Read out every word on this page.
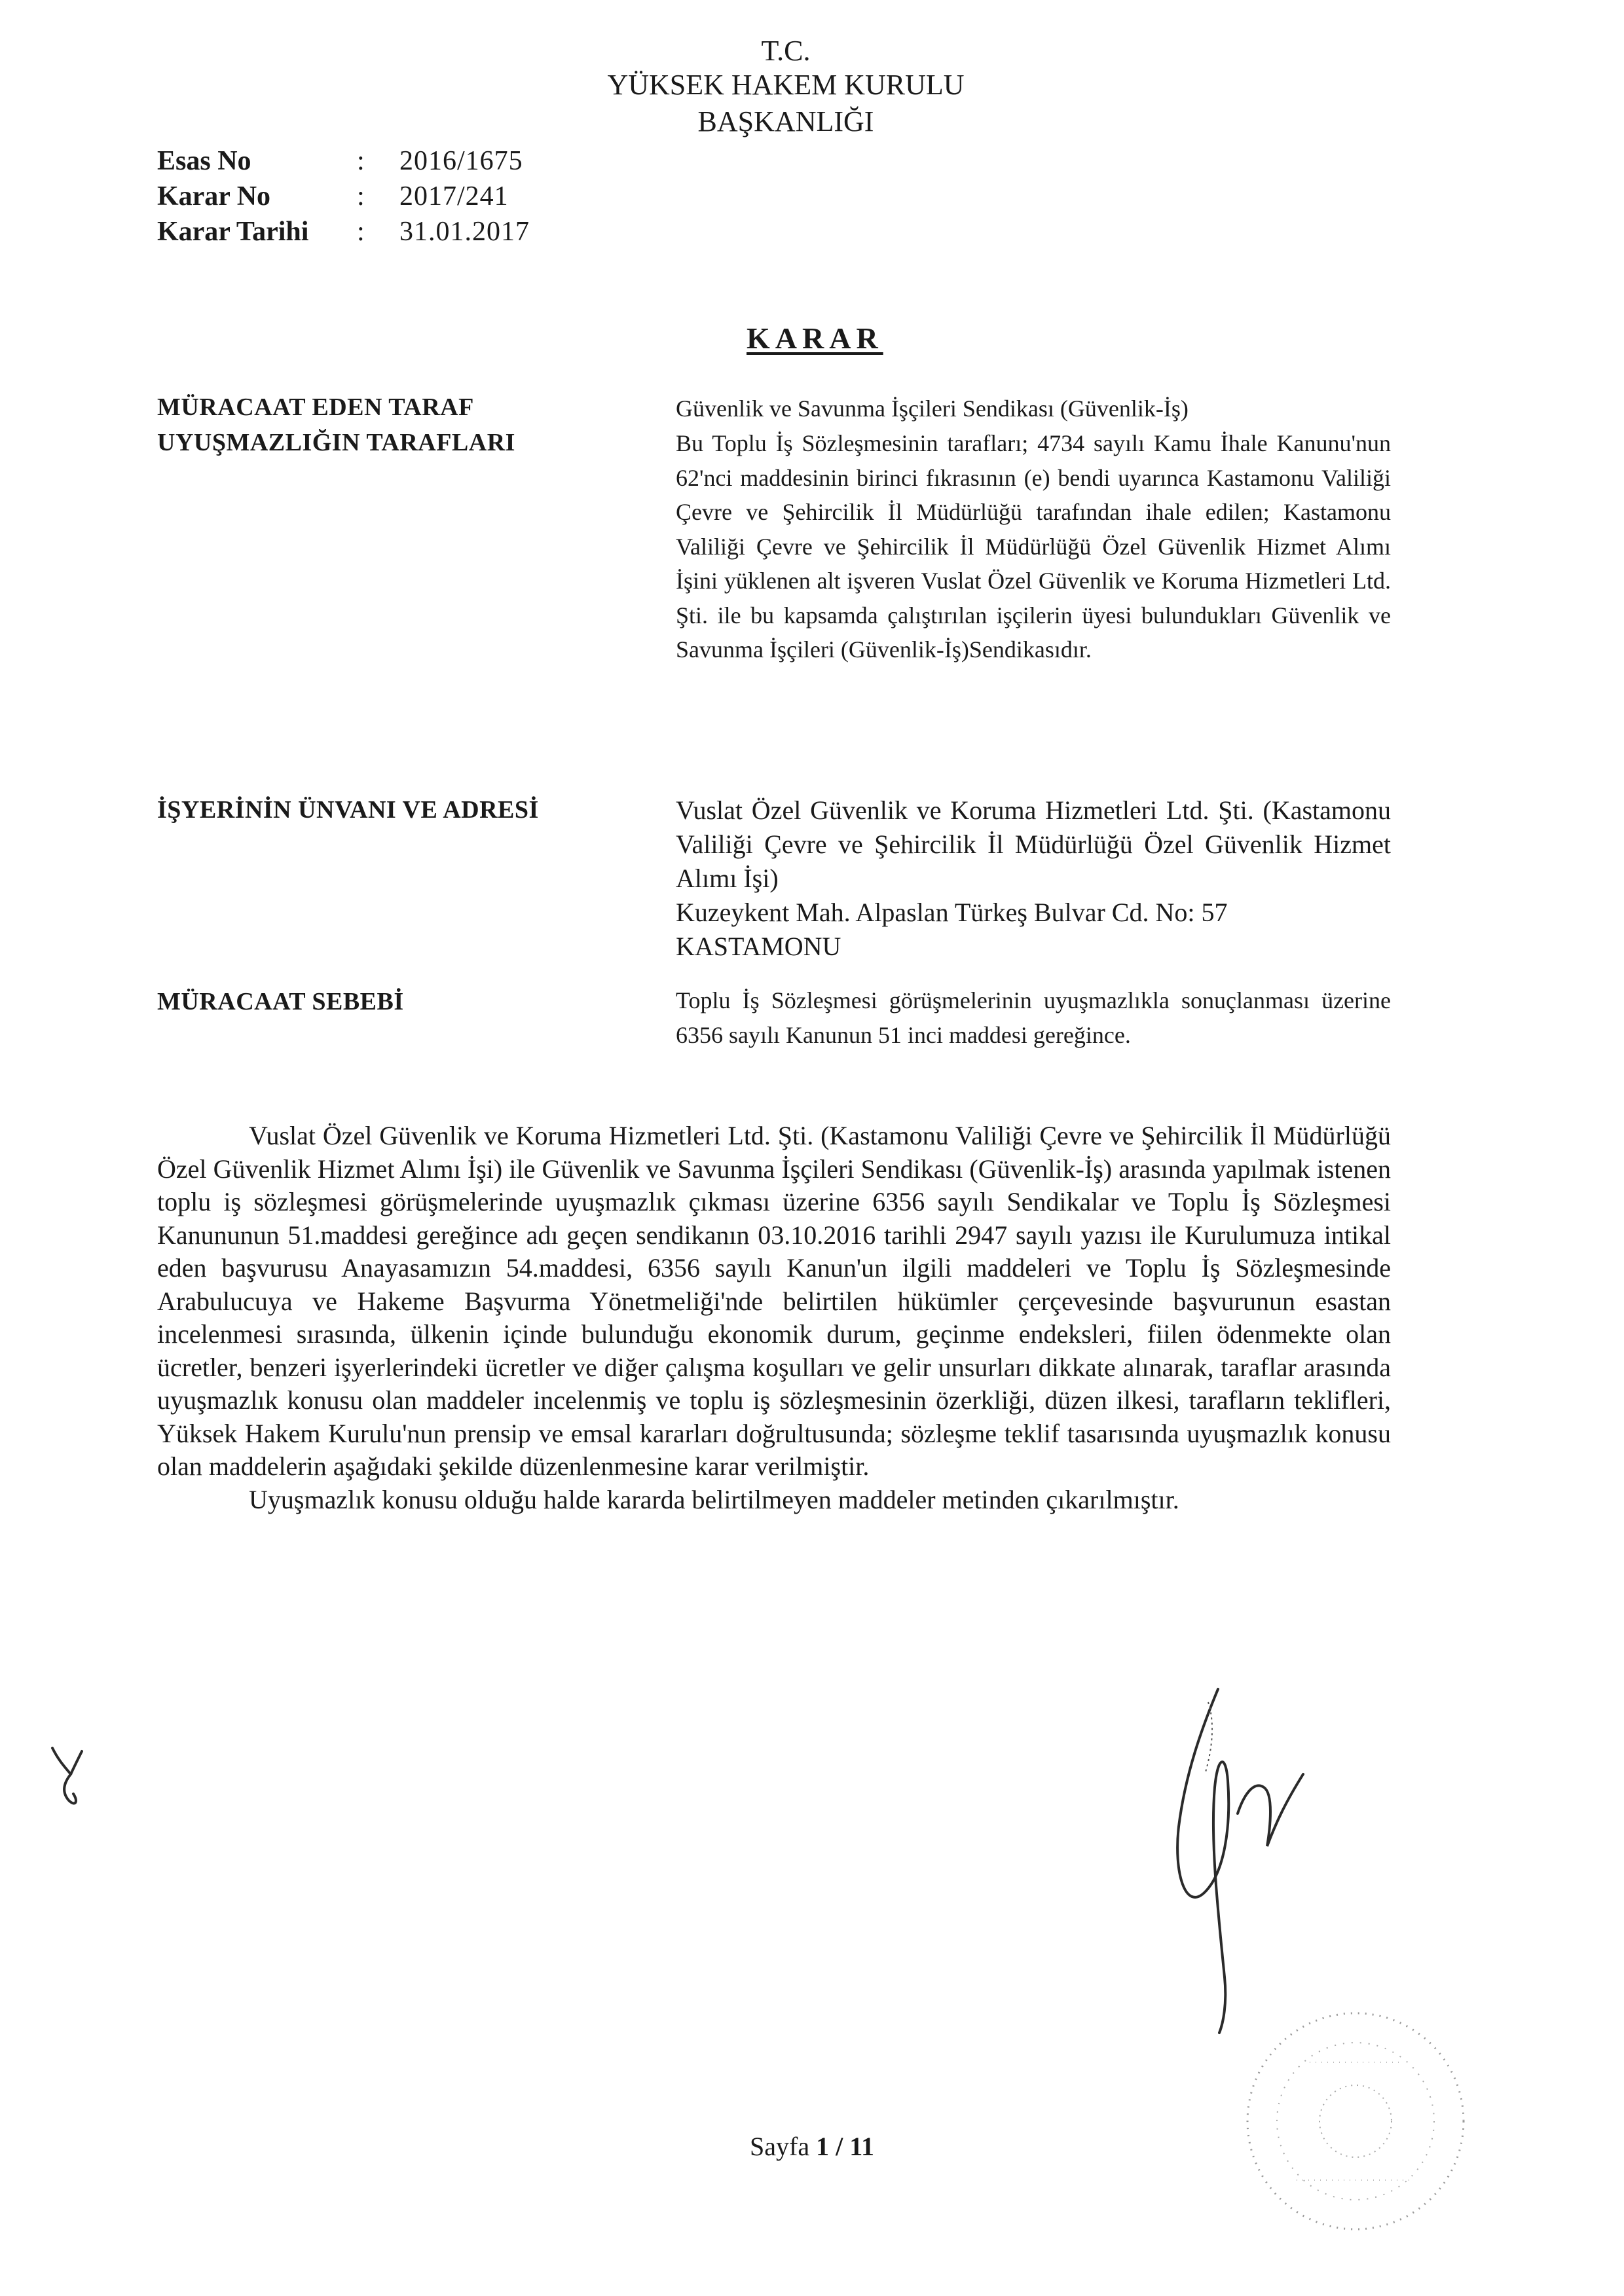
T.C.
YÜKSEK HAKEM KURULU
BAŞKANLIĞI
Esas No	: 2016/1675
Karar No	: 2017/241
Karar Tarihi : 31.01.2017
KARAR
MÜRACAAT EDEN TARAF	Güvenlik ve Savunma İşçileri Sendikası (Güvenlik-İş)
UYUŞMAZLIĞIN TARAFLARI	Bu Toplu İş Sözleşmesinin tarafları; 4734 sayılı Kamu İhale Kanunu'nun 62'nci maddesinin birinci fıkrasının (e) bendi uyarınca Kastamonu Valiliği Çevre ve Şehircilik İl Müdürlüğü tarafından ihale edilen; Kastamonu Valiliği Çevre ve Şehircilik İl Müdürlüğü Özel Güvenlik Hizmet Alımı İşini yüklenen alt işveren Vuslat Özel Güvenlik ve Koruma Hizmetleri Ltd. Şti. ile bu kapsamda çalıştırılan işçilerin üyesi bulundukları Güvenlik ve Savunma İşçileri (Güvenlik-İş)Sendikasıdır.
İŞYERİNİN ÜNVANI VE ADRESİ	Vuslat Özel Güvenlik ve Koruma Hizmetleri Ltd. Şti. (Kastamonu Valiliği Çevre ve Şehircilik İl Müdürlüğü Özel Güvenlik Hizmet Alımı İşi)
Kuzeykent Mah. Alpaslan Türkeş Bulvar Cd. No: 57
KASTAMONU
MÜRACAAT SEBEBİ	Toplu İş Sözleşmesi görüşmelerinin uyuşmazlıkla sonuçlanması üzerine 6356 sayılı Kanunun 51 inci maddesi gereğince.

Vuslat Özel Güvenlik ve Koruma Hizmetleri Ltd. Şti. (Kastamonu Valiliği Çevre ve Şehircilik İl Müdürlüğü Özel Güvenlik Hizmet Alımı İşi) ile Güvenlik ve Savunma İşçileri Sendikası (Güvenlik-İş) arasında yapılmak istenen toplu iş sözleşmesi görüşmelerinde uyuşmazlık çıkması üzerine 6356 sayılı Sendikalar ve Toplu İş Sözleşmesi Kanununun 51.maddesi gereğince adı geçen sendikanın 03.10.2016 tarihli 2947 sayılı yazısı ile Kurulumuza intikal eden başvurusu Anayasamızın 54.maddesi, 6356 sayılı Kanun'un ilgili maddeleri ve Toplu İş Sözleşmesinde Arabulucuya ve Hakeme Başvurma Yönetmeliği'nde belirtilen hükümler çerçevesinde başvurunun esastan incelenmesi sırasında, ülkenin içinde bulunduğu ekonomik durum, geçinme endeksleri, fiilen ödenmekte olan ücretler, benzeri işyerlerindeki ücretler ve diğer çalışma koşulları ve gelir unsurları dikkate alınarak, taraflar arasında uyuşmazlık konusu olan maddeler incelenmiş ve toplu iş sözleşmesinin özerkliği, düzen ilkesi, tarafların teklifleri, Yüksek Hakem Kurulu'nun prensip ve emsal kararları doğrultusunda; sözleşme teklif tasarısında uyuşmazlık konusu olan maddelerin aşağıdaki şekilde düzenlenmesine karar verilmiştir.

Uyuşmazlık konusu olduğu halde kararda belirtilmeyen maddeler metinden çıkarılmıştır.

Sayfa 1 / 11
